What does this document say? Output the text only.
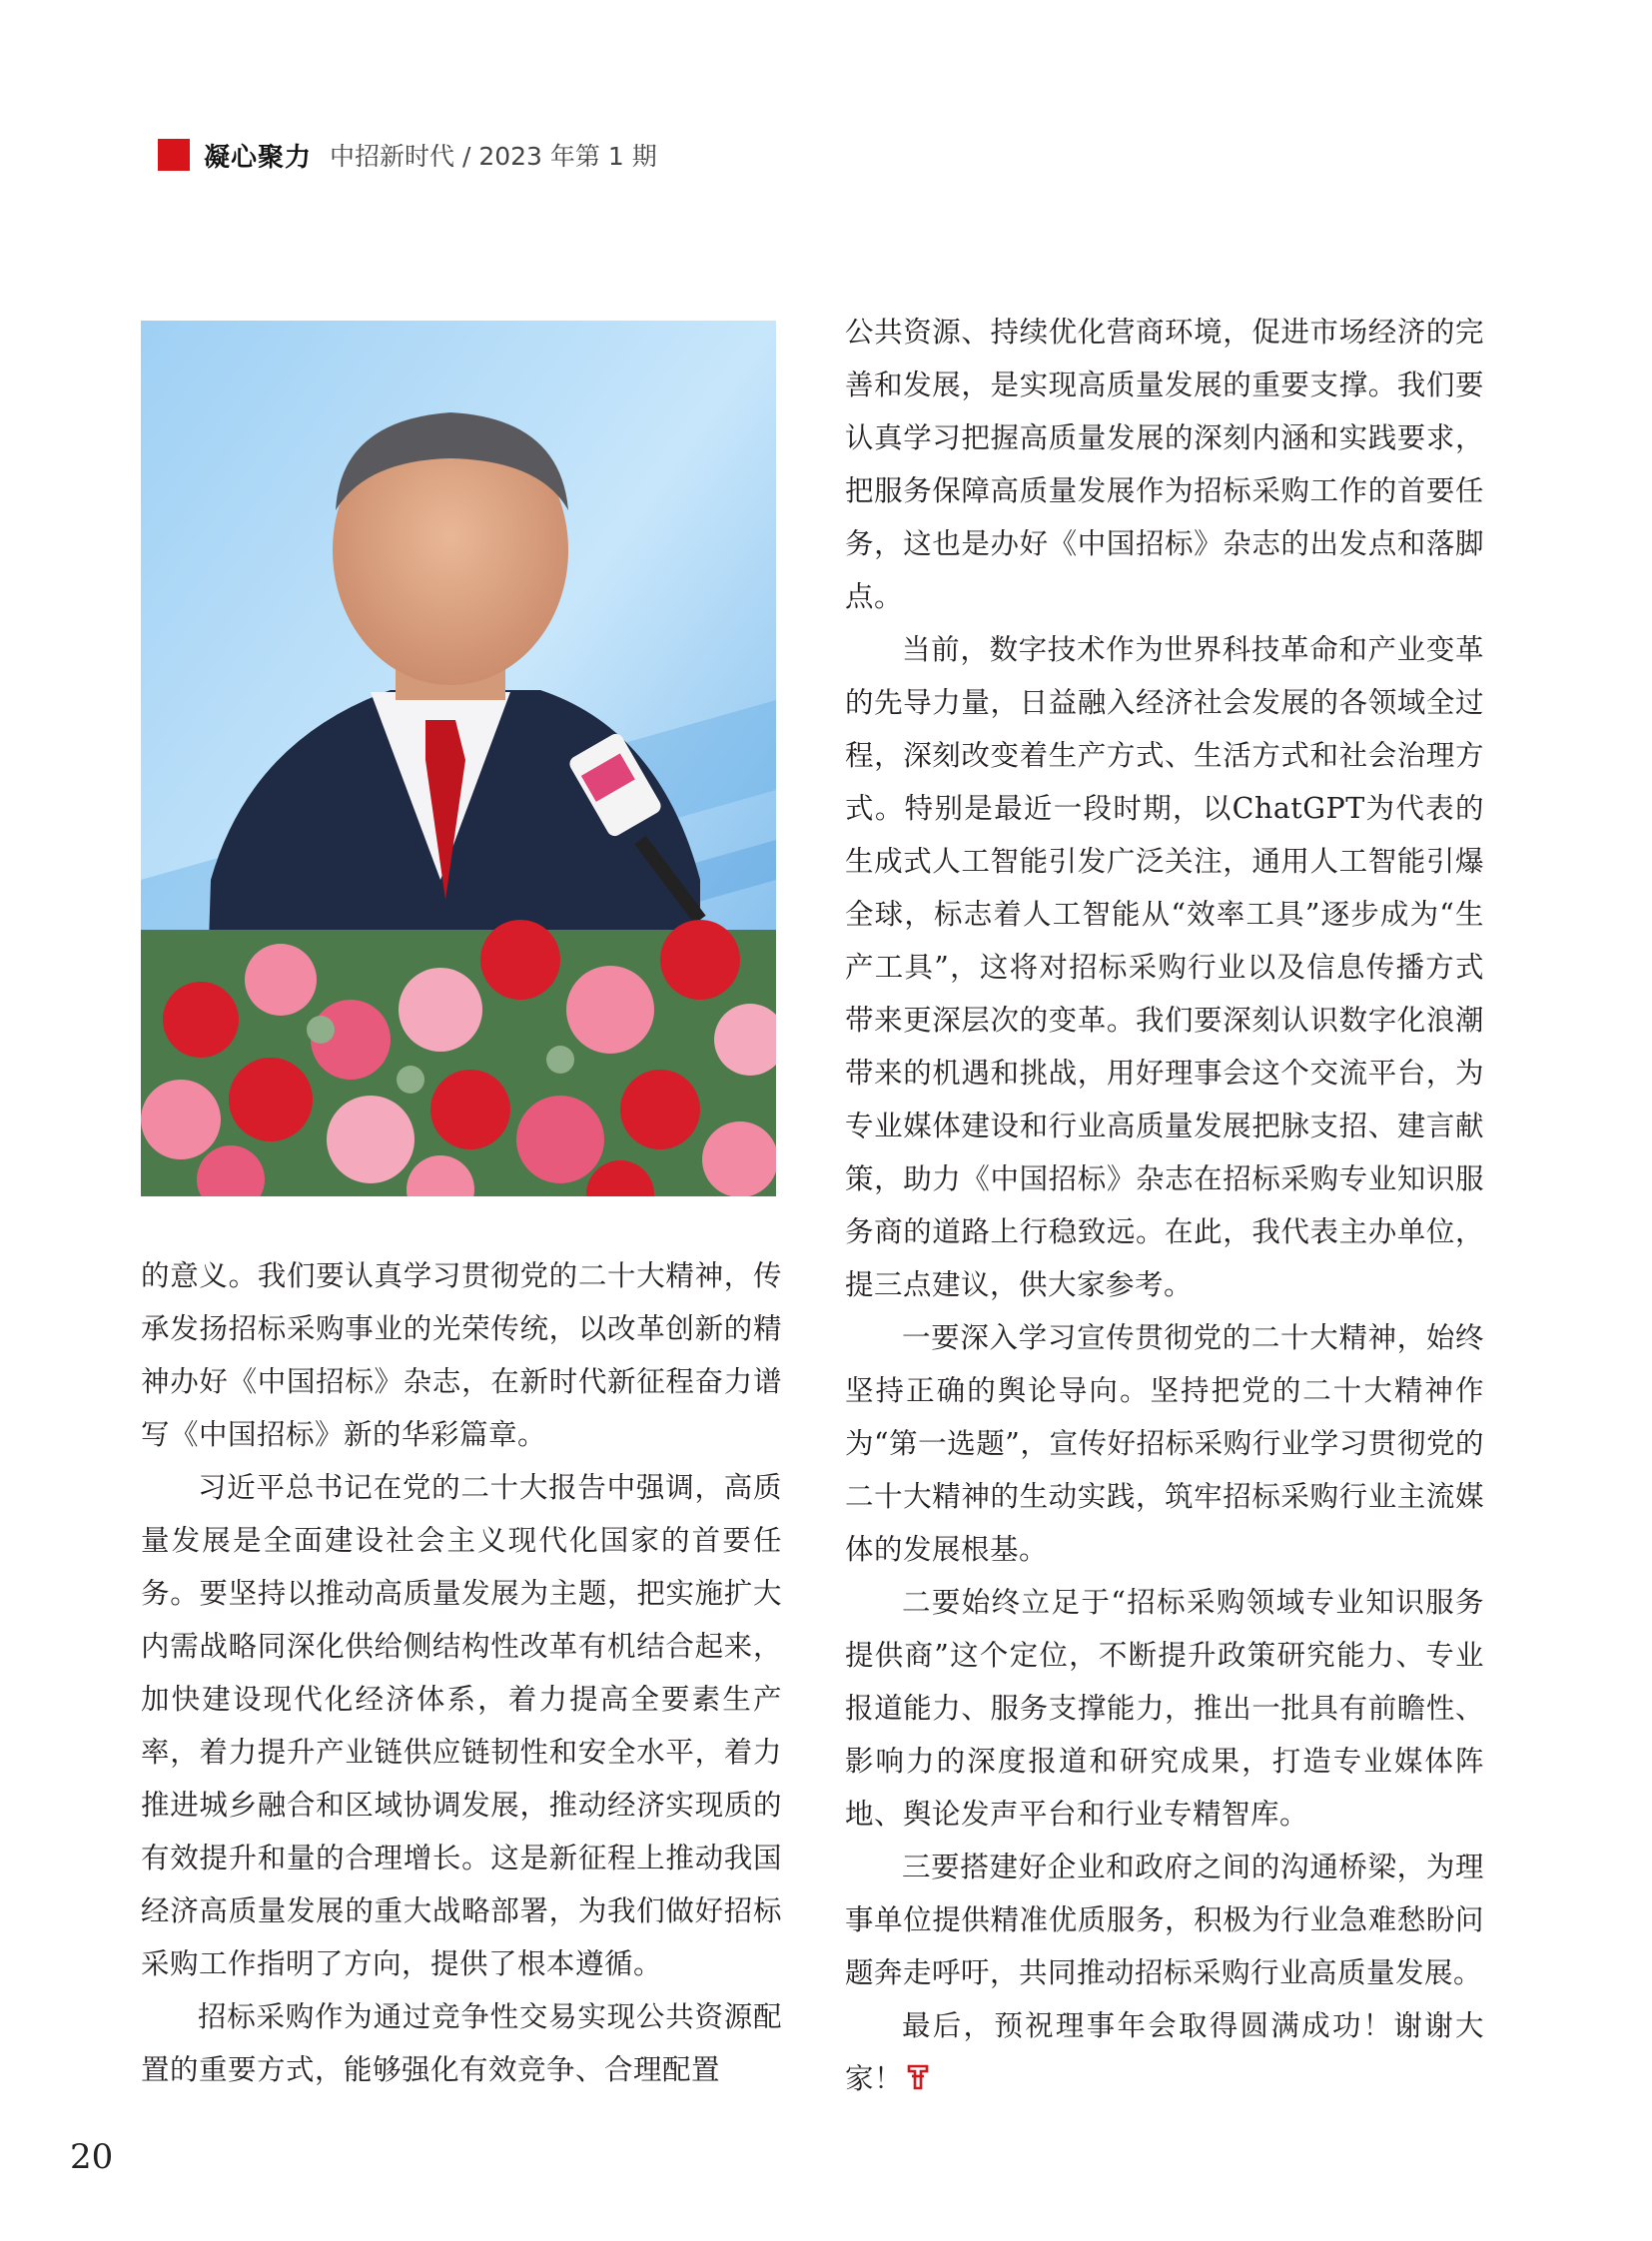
凝心聚力 中招新时代 / 2023 年第 1 期

的意义。我们要认真学习贯彻党的二十大精神，传承发扬招标采购事业的光荣传统，以改革创新的精神办好《中国招标》杂志，在新时代新征程奋力谱写《中国招标》新的华彩篇章。

习近平总书记在党的二十大报告中强调，高质量发展是全面建设社会主义现代化国家的首要任务。要坚持以推动高质量发展为主题，把实施扩大内需战略同深化供给侧结构性改革有机结合起来，加快建设现代化经济体系，着力提高全要素生产率，着力提升产业链供应链韧性和安全水平，着力推进城乡融合和区域协调发展，推动经济实现质的有效提升和量的合理增长。这是新征程上推动我国经济高质量发展的重大战略部署，为我们做好招标采购工作指明了方向，提供了根本遵循。

招标采购作为通过竞争性交易实现公共资源配置的重要方式，能够强化有效竞争、合理配置

公共资源、持续优化营商环境，促进市场经济的完善和发展，是实现高质量发展的重要支撑。我们要认真学习把握高质量发展的深刻内涵和实践要求，把服务保障高质量发展作为招标采购工作的首要任务，这也是办好《中国招标》杂志的出发点和落脚点。

当前，数字技术作为世界科技革命和产业变革的先导力量，日益融入经济社会发展的各领域全过程，深刻改变着生产方式、生活方式和社会治理方式。特别是最近一段时期，以ChatGPT为代表的生成式人工智能引发广泛关注，通用人工智能引爆全球，标志着人工智能从“效率工具”逐步成为“生产工具”，这将对招标采购行业以及信息传播方式带来更深层次的变革。我们要深刻认识数字化浪潮带来的机遇和挑战，用好理事会这个交流平台，为专业媒体建设和行业高质量发展把脉支招、建言献策，助力《中国招标》杂志在招标采购专业知识服务商的道路上行稳致远。在此，我代表主办单位，提三点建议，供大家参考。

一要深入学习宣传贯彻党的二十大精神，始终坚持正确的舆论导向。坚持把党的二十大精神作为“第一选题”，宣传好招标采购行业学习贯彻党的二十大精神的生动实践，筑牢招标采购行业主流媒体的发展根基。

二要始终立足于“招标采购领域专业知识服务提供商”这个定位，不断提升政策研究能力、专业报道能力、服务支撑能力，推出一批具有前瞻性、影响力的深度报道和研究成果，打造专业媒体阵地、舆论发声平台和行业专精智库。

三要搭建好企业和政府之间的沟通桥梁，为理事单位提供精准优质服务，积极为行业急难愁盼问题奔走呼吁，共同推动招标采购行业高质量发展。

最后，预祝理事年会取得圆满成功！谢谢大家！

20
